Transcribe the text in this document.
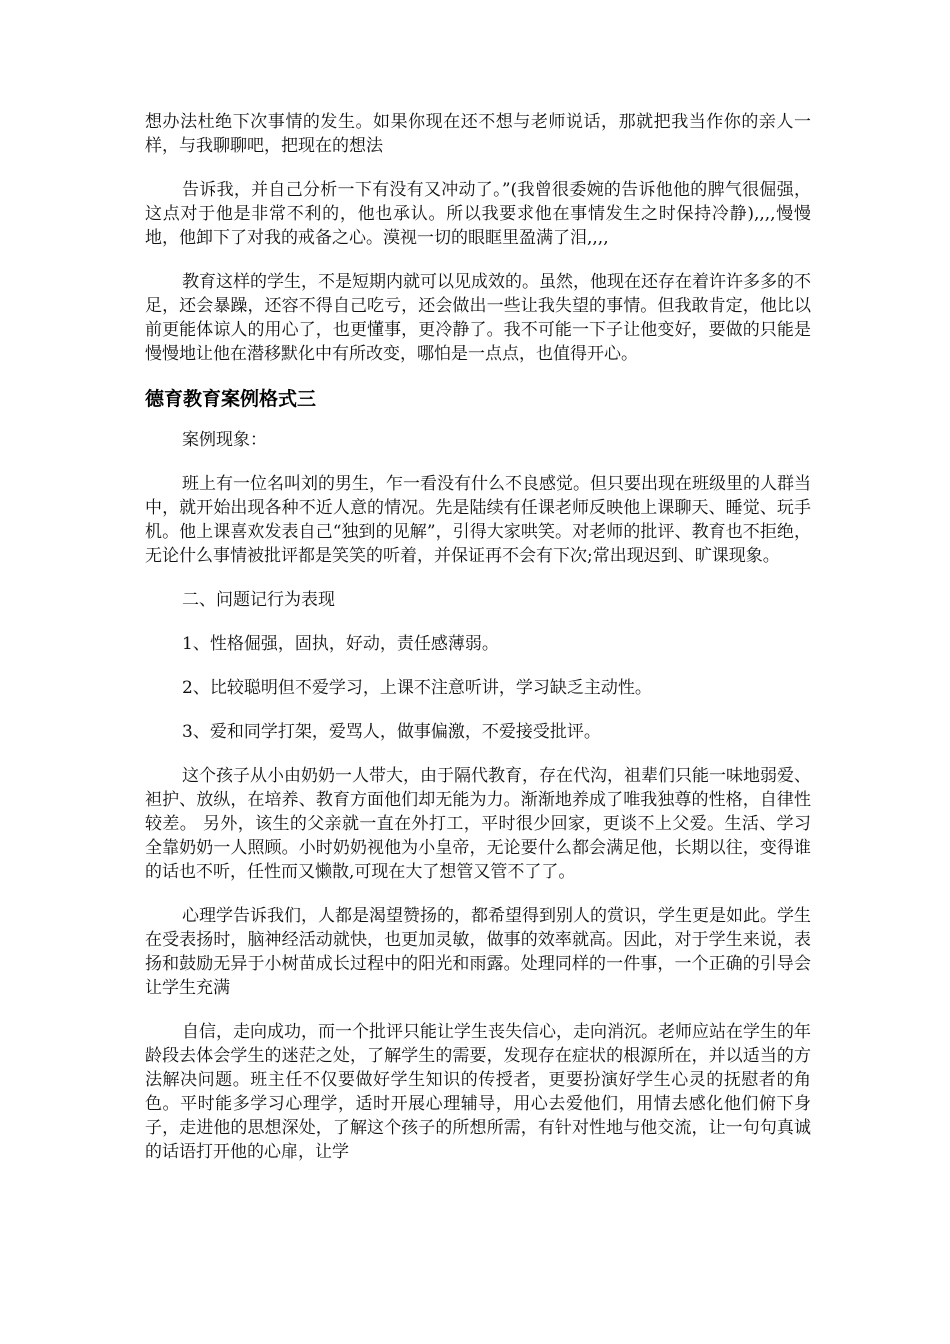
想办法杜绝下次事情的发生。如果你现在还不想与老师说话，那就把我当作你的亲人一样，与我聊聊吧，把现在的想法

告诉我，并自己分析一下有没有又冲动了。”(我曾很委婉的告诉他他的脾气很倔强，这点对于他是非常不利的，他也承认。所以我要求他在事情发生之时保持冷静),,,,慢慢地，他卸下了对我的戒备之心。漠视一切的眼眶里盈满了泪,,,,

教育这样的学生，不是短期内就可以见成效的。虽然，他现在还存在着许许多多的不足，还会暴躁，还容不得自己吃亏，还会做出一些让我失望的事情。但我敢肯定，他比以前更能体谅人的用心了，也更懂事，更冷静了。我不可能一下子让他变好，要做的只能是慢慢地让他在潜移默化中有所改变，哪怕是一点点，也值得开心。

德育教育案例格式三

案例现象：

班上有一位名叫刘的男生，乍一看没有什么不良感觉。但只要出现在班级里的人群当中，就开始出现各种不近人意的情况。先是陆续有任课老师反映他上课聊天、睡觉、玩手机。他上课喜欢发表自己“独到的见解”，引得大家哄笑。对老师的批评、教育也不拒绝，无论什么事情被批评都是笑笑的听着，并保证再不会有下次;常出现迟到、旷课现象。

二、问题记行为表现

1、性格倔强，固执，好动，责任感薄弱。

2、比较聪明但不爱学习，上课不注意听讲，学习缺乏主动性。

3、爱和同学打架，爱骂人，做事偏激，不爱接受批评。

这个孩子从小由奶奶一人带大，由于隔代教育，存在代沟，祖辈们只能一味地弱爱、袒护、放纵，在培养、教育方面他们却无能为力。渐渐地养成了唯我独尊的性格，自律性较差。 另外，该生的父亲就一直在外打工，平时很少回家，更谈不上父爱。生活、学习全靠奶奶一人照顾。小时奶奶视他为小皇帝，无论要什么都会满足他，长期以往，变得谁的话也不听，任性而又懒散,可现在大了想管又管不了了。

心理学告诉我们，人都是渴望赞扬的，都希望得到别人的赏识，学生更是如此。学生在受表扬时，脑神经活动就快，也更加灵敏，做事的效率就高。因此，对于学生来说，表扬和鼓励无异于小树苗成长过程中的阳光和雨露。处理同样的一件事，一个正确的引导会让学生充满

自信，走向成功，而一个批评只能让学生丧失信心，走向消沉。老师应站在学生的年龄段去体会学生的迷茫之处，了解学生的需要，发现存在症状的根源所在，并以适当的方法解决问题。班主任不仅要做好学生知识的传授者，更要扮演好学生心灵的抚慰者的角色。平时能多学习心理学，适时开展心理辅导，用心去爱他们，用情去感化他们俯下身子，走进他的思想深处，了解这个孩子的所想所需，有针对性地与他交流，让一句句真诚的话语打开他的心扉，让学
